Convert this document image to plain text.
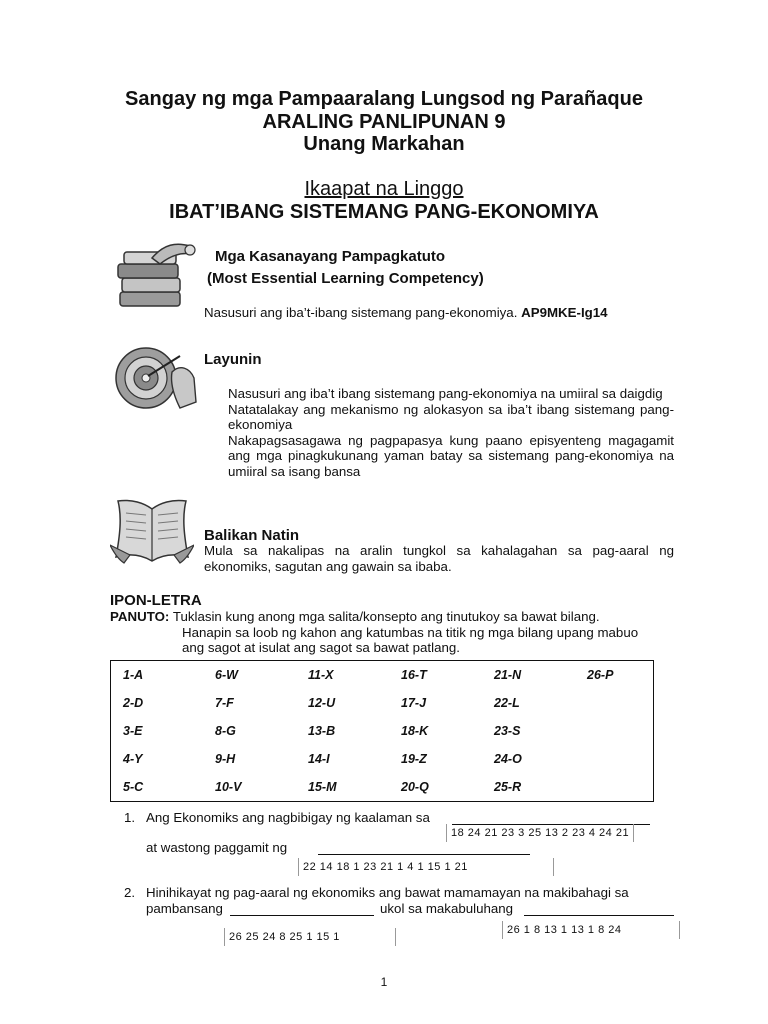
Sangay ng mga Pampaaralang Lungsod ng Parañaque
ARALING PANLIPUNAN 9
Unang Markahan
Ikaapat na Linggo
IBAT’IBANG SISTEMANG PANG-EKONOMIYA
Mga Kasanayang Pampagkatuto
(Most Essential Learning Competency)
Nasusuri ang iba’t-ibang sistemang pang-ekonomiya. AP9MKE-Ig14
Layunin
Nasusuri ang iba’t ibang sistemang pang-ekonomiya na umiiral sa daigdig
Natatalakay ang mekanismo ng alokasyon sa iba’t ibang sistemang pang-ekonomiya
Nakapagsasagawa ng pagpapasya kung paano episyenteng magagamit ang mga pinagkukunang yaman batay sa sistemang pang-ekonomiya na umiiral sa isang bansa
Balikan Natin
Mula sa nakalipas na aralin tungkol sa kahalagahan sa pag-aaral ng ekonomiks, sagutan ang gawain sa ibaba.
IPON-LETRA
PANUTO: Tuklasin kung anong mga salita/konsepto ang tinutukoy sa bawat bilang.
Hanapin sa loob ng kahon ang katumbas na titik ng mga bilang upang mabuo
ang sagot at isulat ang sagot sa bawat patlang.
1-A	6-W	11-X	16-T	21-N	26-P
2-D	7-F	12-U	17-J	22-L
3-E	8-G	13-B	18-K	23-S
4-Y	9-H	14-I	19-Z	24-O
5-C	10-V	15-M	20-Q	25-R
1. Ang Ekonomiks ang nagbibigay ng kaalaman sa
18 24 21 23 3 25 13 2 23 4 24 21
at wastong paggamit ng
22 14 18 1 23 21 1 4 1 15 1 21
2. Hinihikayat ng pag-aaral ng ekonomiks ang bawat mamamayan na makibahagi sa
pambansang	ukol sa makabuluhang
26 1 8 13 1 13 1 8 24
26 25 24 8 25 1 15 1
1
